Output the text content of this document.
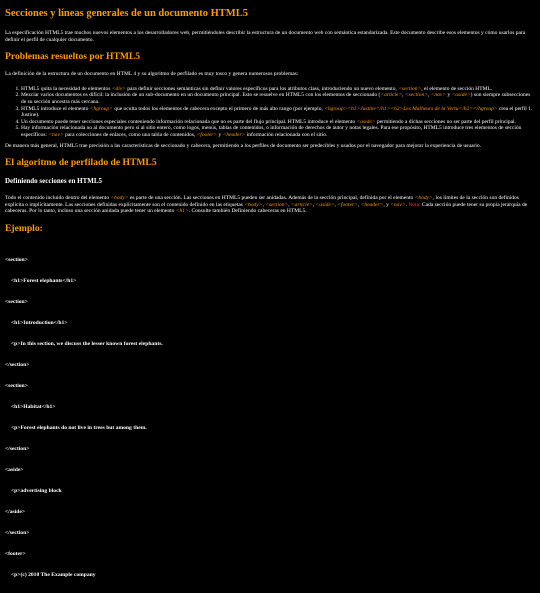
Secciones y líneas generales de un documento HTML5

La especificación HTML5 trae muchos nuevos elementos a los desarrolladores web, permitiéndoles describir la estructura de un documento web con semántica estandarizada. Este documento describe esos elementos y cómo usarlos para definir el perfil de cualquier documento.

Problemas resueltos por HTML5

La definición de la estructura de un documento en HTML 4 y su algoritmo de perfilado es muy tosco y genera numerosos problemas:

1. HTML5 quita la necesidad de elementos <div> para definir secciones semánticas sin definir valores específicos para los atributos class, introduciendo un nuevo elemento, <section>, el elemento de sección HTML.
2. Mezclar varios documentos es difícil: la inclusión de un sub-documento en un documento principal. Esto se resuelve en HTML5 con los elementos de seccionado (<article>, <section>, <nav> y <aside>) son siempre subsecciones de su sección ancestra más cercana.
3. HTML5 introduce el elemento <hgroup> que oculta todos los elementos de cabecera excepto el primero de más alto rango (por ejemplo, <hgroup><h1>Justine</h1><h2>Les Malheurs de la Vertu</h2></hgroup> crea el perfil 1. Justine).
4. Un documento puede tener secciones especiales conteniendo información relacionada que no es parte del flujo principal. HTML5 introduce el elemento <aside> permitiendo a dichas secciones no ser parte del perfil principal.
5. Hay información relacionada no al documento pero sí al sitio entero, como logos, menús, tablas de contenidos, o información de derechos de autor y notas legales. Para ese propósito, HTML5 introduce tres elementos de sección específicos: <nav> para colecciones de enlaces, como una tabla de contenidos, <footer> y <header> información relacionada con el sitio.

De manera más general, HTML5 trae precisión a las características de seccionado y cabecera, permitiendo a los perfiles de documento ser predecibles y usados por el navegador para mejorar la experiencia de usuario.

El algoritmo de perfilado de HTML5
Definiendo secciones en HTML5

Todo el contenido incluido dentro del elemento <body> es parte de una sección. Las secciones en HTML5 pueden ser anidadas. Además de la sección principal, definida por el elemento <body>, los límites de la sección son definidos explícita o implícitamente. Las secciones definidas explícitamente son el contenido definido en las etiquetas <body>, <section>, <article>, <aside>, <footer>, <header>, y <nav>. Nota: Cada sección puede tener su propia jerarquía de cabeceras. Por lo tanto, incluso una sección anidada puede tener un elemento <h1>. Consulte también Definiendo cabeceras en HTML5.

Ejemplo:

<section>

<h1>Forest elephants</h1>

<section>

<h1>Introduction</h1>

<p>In this section, we discuss the lesser known forest elephants.

</section>

<section>

<h1>Habitat</h1>

<p>Forest elephants do not live in trees but among them.

</section>

<aside>

<p>advertising block

</aside>

</section>

<footer>

<p>(c) 2010 The Example company
